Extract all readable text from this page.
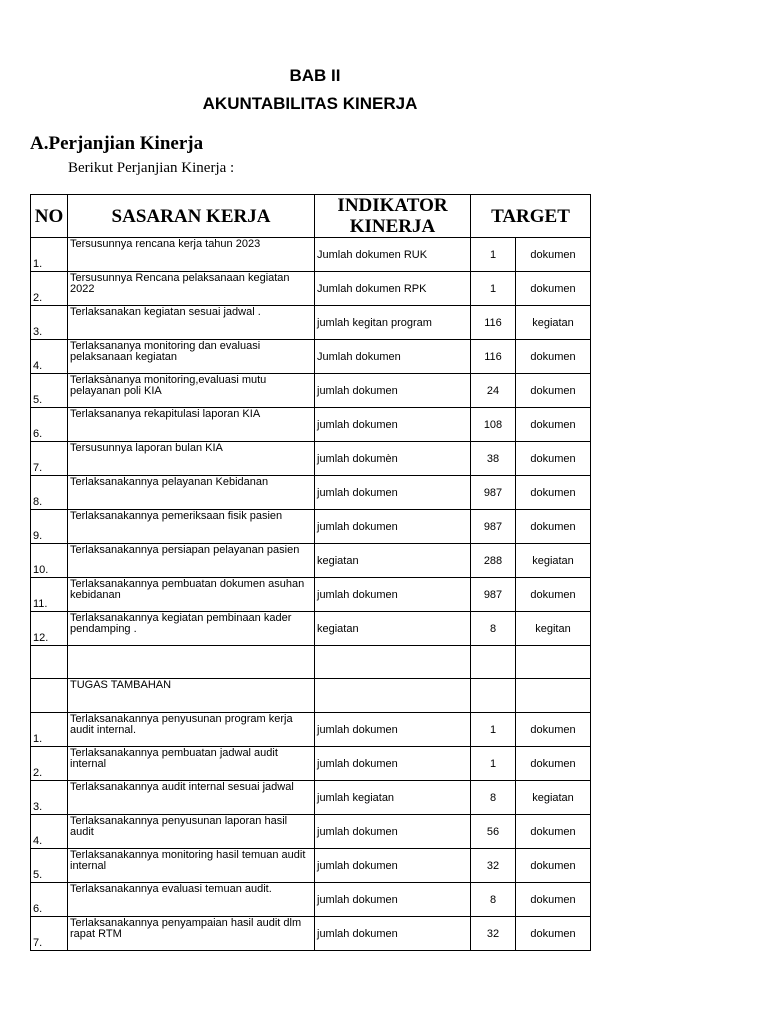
BAB II
AKUNTABILITAS KINERJA
A.Perjanjian Kinerja
Berikut Perjanjian Kinerja :
NO	SASARAN KERJA	INDIKATOR KINERJA	TARGET	
1.	Tersusunnya rencana kerja tahun 2023	Jumlah dokumen RUK	1	dokumen
2.	Tersusunnya Rencana pelaksanaan kegiatan 2022	Jumlah dokumen RPK	1	dokumen
3.	Terlaksanakan kegiatan sesuai jadwal .	jumlah kegitan program	116	kegiatan
4.	Terlaksananya monitoring dan evaluasi pelaksanaan kegiatan	Jumlah dokumen	116	dokumen
5.	Terlaksànanya monitoring,evaluasi mutu pelayanan poli KIA	jumlah dokumen	24	dokumen
6.	Terlaksananya rekapitulasi laporan KIA	jumlah dokumen	108	dokumen
7.	Tersusunnya laporan bulan KIA	jumlah dokumèn	38	dokumen
8.	Terlaksanakannya pelayanan Kebidanan	jumlah dokumen	987	dokumen
9.	Terlaksanakannya pemeriksaan fisik pasien	jumlah dokumen	987	dokumen
10.	Terlaksanakannya persiapan pelayanan pasien	kegiatan	288	kegiatan
11.	Terlaksanakannya pembuatan dokumen asuhan kebidanan	jumlah dokumen	987	dokumen
12.	Terlaksanakannya kegiatan pembinaan kader pendamping .	kegiatan	8	kegitan

	TUGAS TAMBAHAN			
1.	Terlaksanakannya penyusunan program kerja audit internal.	jumlah dokumen	1	dokumen
2.	Terlaksanakannya pembuatan jadwal audit internal	jumlah dokumen	1	dokumen
3.	Terlaksanakannya audit internal sesuai jadwal	jumlah kegiatan	8	kegiatan
4.	Terlaksanakannya penyusunan laporan hasil audit	jumlah dokumen	56	dokumen
5.	Terlaksanakannya monitoring hasil temuan audit internal	jumlah dokumen	32	dokumen
6.	Terlaksanakannya evaluasi temuan audit.	jumlah dokumen	8	dokumen
7.	Terlaksanakannya penyampaian hasil audit dlm rapat RTM	jumlah dokumen	32	dokumen
